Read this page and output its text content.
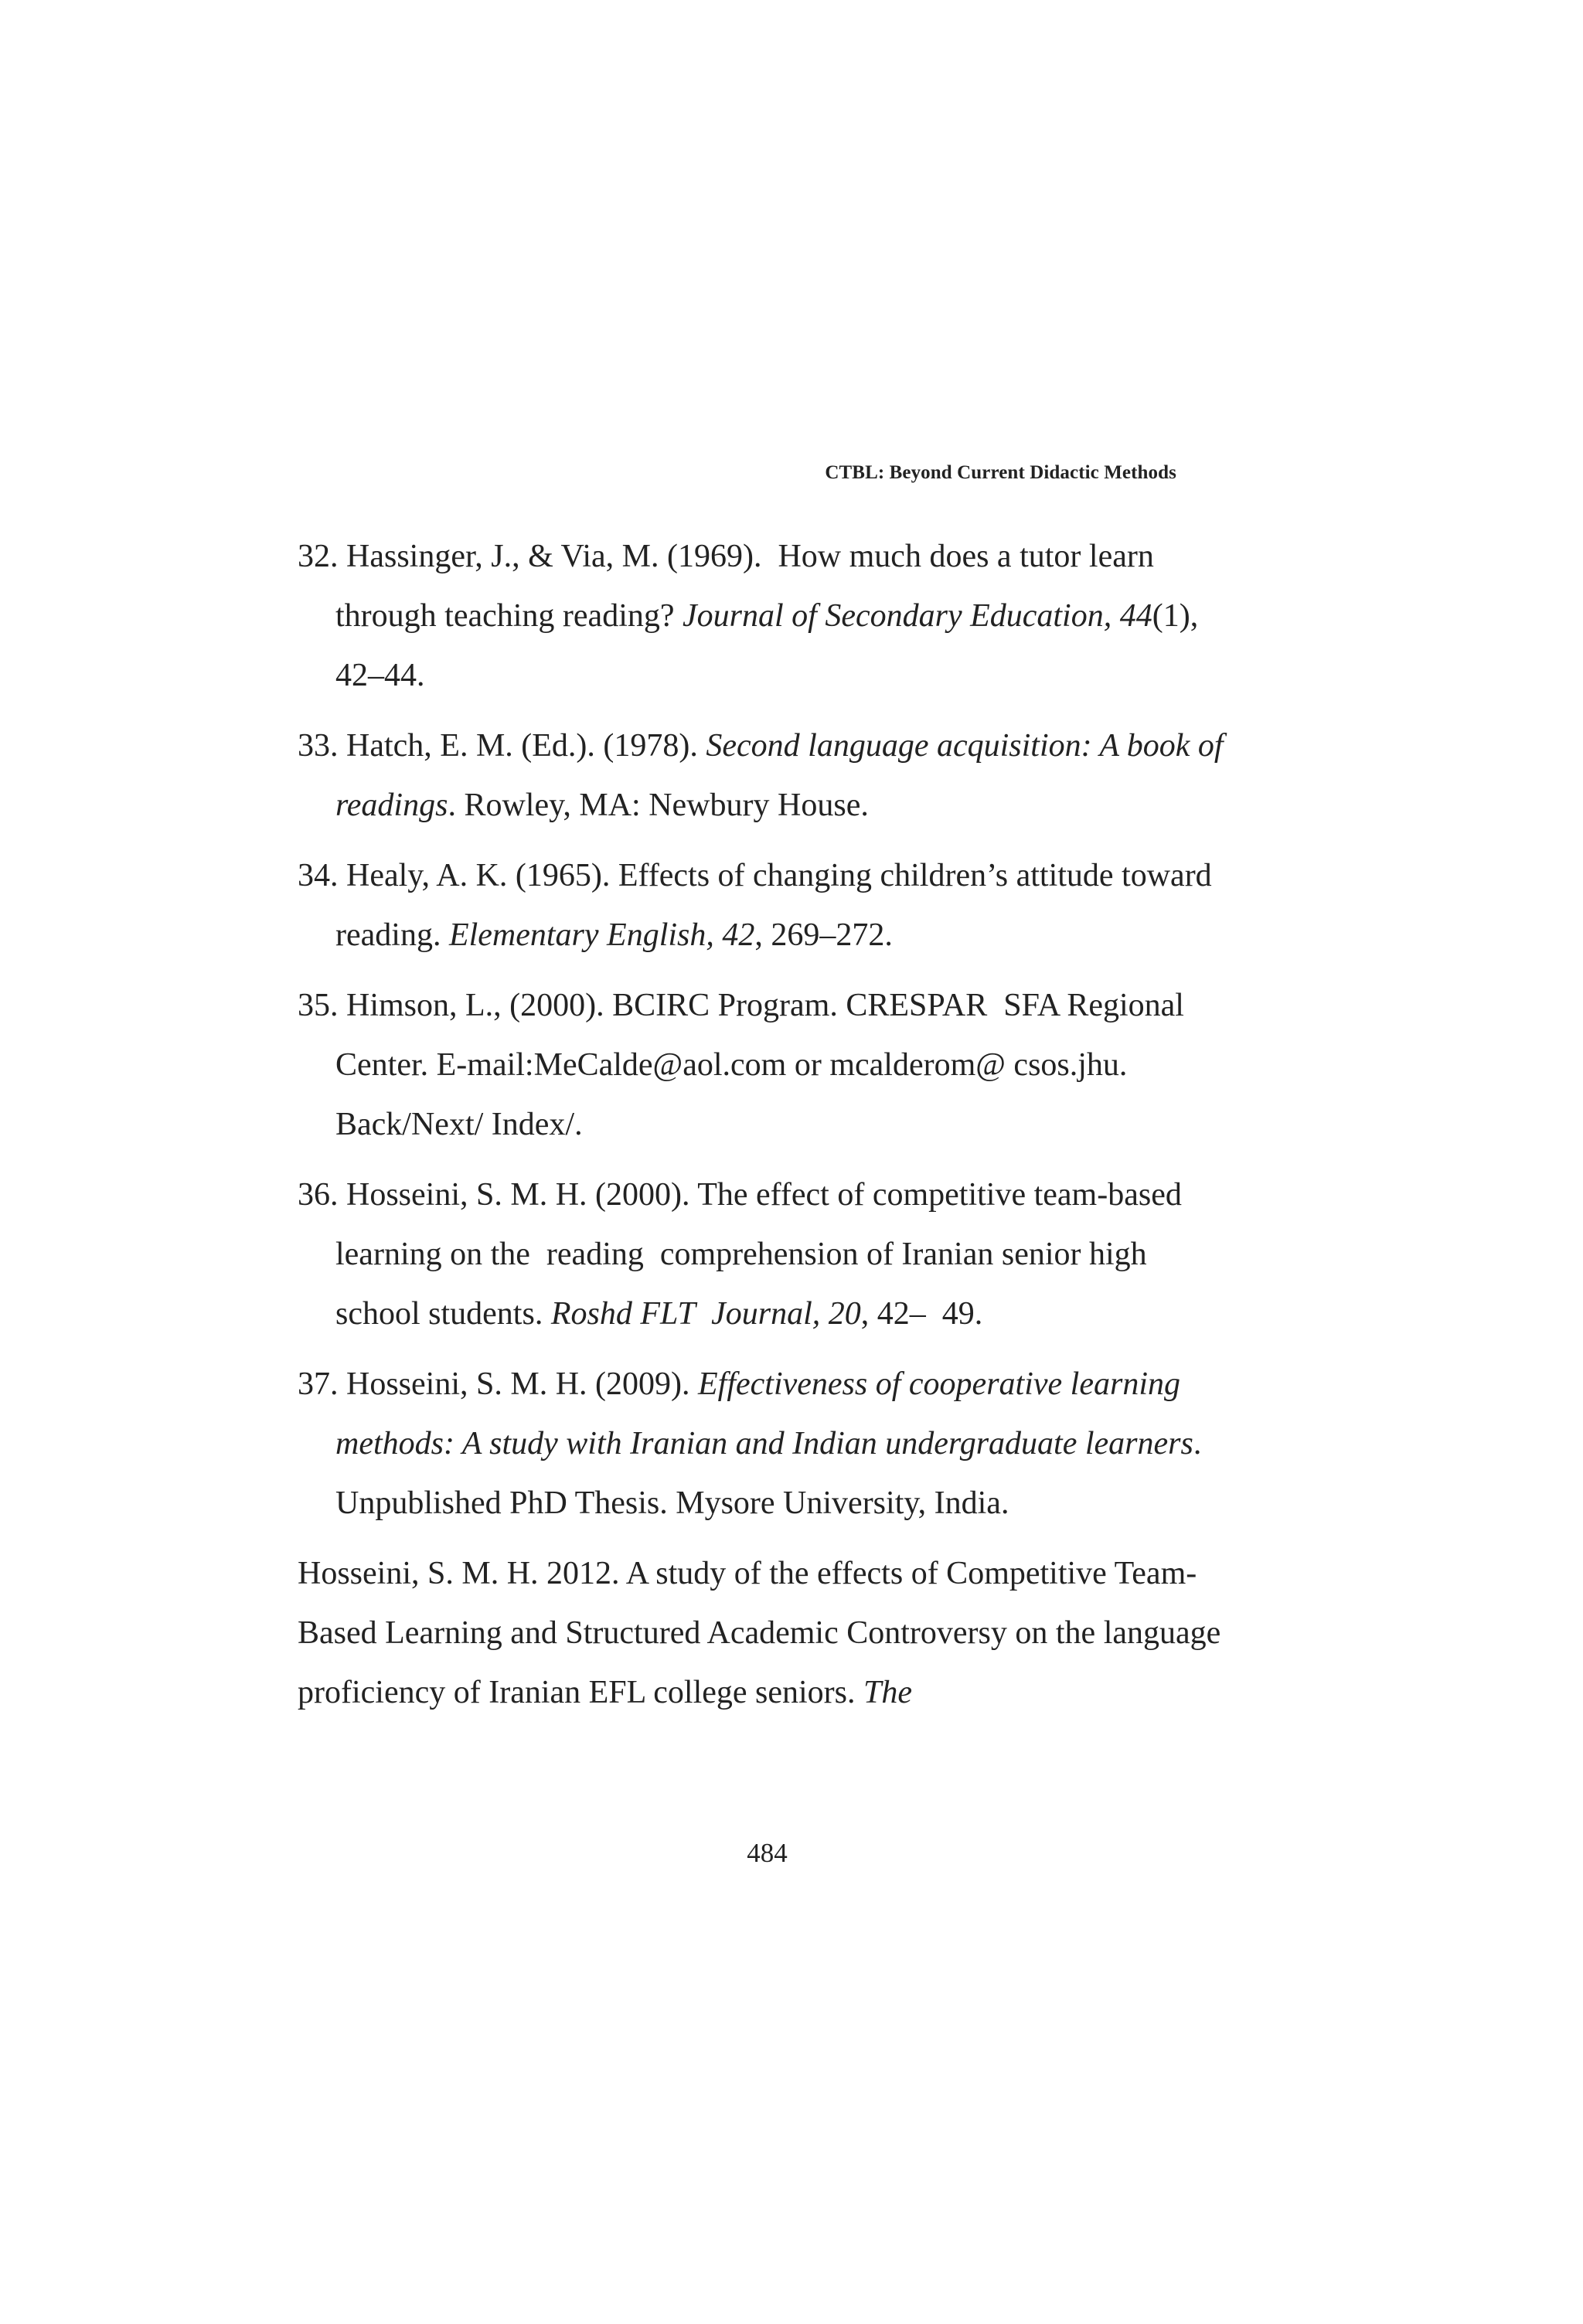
CTBL: Beyond Current Didactic Methods

32. Hassinger, J., & Via, M. (1969).  How much does a tutor learn through teaching reading? Journal of Secondary Education, 44(1), 42–44.

33. Hatch, E. M. (Ed.). (1978). Second language acquisition: A book of readings. Rowley, MA: Newbury House.

34. Healy, A. K. (1965). Effects of changing children’s attitude toward reading. Elementary English, 42, 269–272.

35. Himson, L., (2000). BCIRC Program. CRESPAR  SFA Regional Center. E-mail:MeCalde@aol.com or mcalderom@ csos.jhu. Back/Next/ Index/.

36. Hosseini, S. M. H. (2000). The effect of competitive team-based learning on the  reading  comprehension of Iranian senior high school students. Roshd FLT  Journal, 20, 42–  49.

37. Hosseini, S. M. H. (2009). Effectiveness of cooperative learning methods: A study with Iranian and Indian undergraduate learners. Unpublished PhD Thesis. Mysore University, India.

Hosseini, S. M. H. 2012. A study of the effects of Competitive Team-Based Learning and Structured Academic Controversy on the language proficiency of Iranian EFL college seniors. The

484
